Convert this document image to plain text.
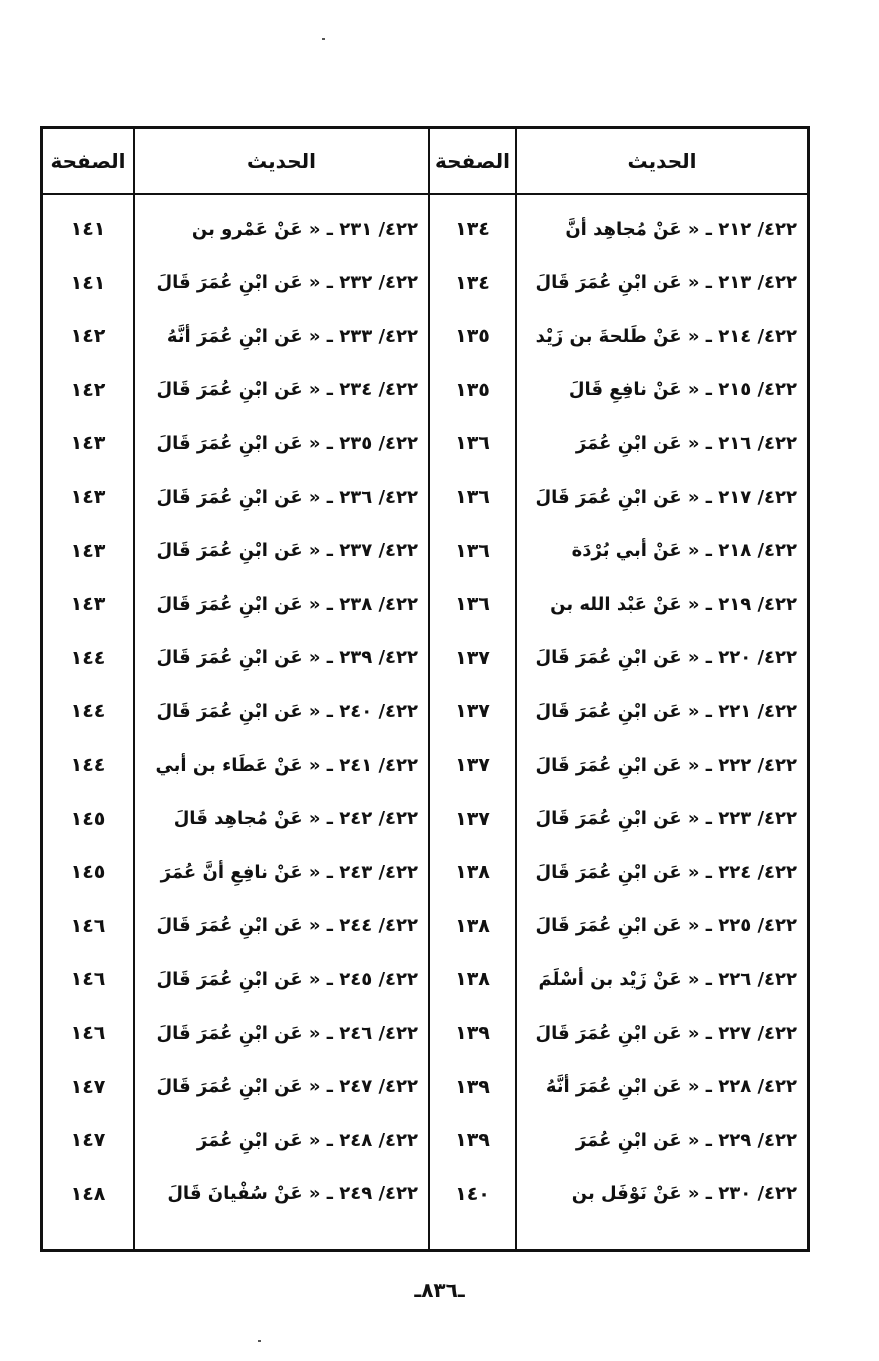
الحديث
الصفحة
الحديث
الصفحة
٤٢٢/ ٢١٢ ـ « عَنْ مُجاهِد أنَّ
١٣٤
٤٢٢/ ٢١٣ ـ « عَن ابْنِ عُمَرَ قَالَ
١٣٤
٤٢٢/ ٢١٤ ـ « عَنْ طَلحةَ بن زَيْد
١٣٥
٤٢٢/ ٢١٥ ـ « عَنْ نافِعِ قَالَ
١٣٥
٤٢٢/ ٢١٦ ـ « عَن ابْنِ عُمَرَ
١٣٦
٤٢٢/ ٢١٧ ـ « عَن ابْنِ عُمَرَ قَالَ
١٣٦
٤٢٢/ ٢١٨ ـ « عَنْ أبي بُرْدَة
١٣٦
٤٢٢/ ٢١٩ ـ « عَنْ عَبْد الله بن
١٣٦
٤٢٢/ ٢٢٠ ـ « عَن ابْنِ عُمَرَ قَالَ
١٣٧
٤٢٢/ ٢٢١ ـ « عَن ابْنِ عُمَرَ قَالَ
١٣٧
٤٢٢/ ٢٢٢ ـ « عَن ابْنِ عُمَرَ قَالَ
١٣٧
٤٢٢/ ٢٢٣ ـ « عَن ابْنِ عُمَرَ قَالَ
١٣٧
٤٢٢/ ٢٢٤ ـ « عَن ابْنِ عُمَرَ قَالَ
١٣٨
٤٢٢/ ٢٢٥ ـ « عَن ابْنِ عُمَرَ قَالَ
١٣٨
٤٢٢/ ٢٢٦ ـ « عَنْ زَيْد بن أسْلَمَ
١٣٨
٤٢٢/ ٢٢٧ ـ « عَن ابْنِ عُمَرَ قَالَ
١٣٩
٤٢٢/ ٢٢٨ ـ « عَن ابْنِ عُمَرَ أنَّهُ
١٣٩
٤٢٢/ ٢٢٩ ـ « عَن ابْنِ عُمَرَ
١٣٩
٤٢٢/ ٢٣٠ ـ « عَنْ نَوْفَل بن
١٤٠
٤٢٢/ ٢٣١ ـ « عَنْ عَمْرو بن
١٤١
٤٢٢/ ٢٣٢ ـ « عَن ابْنِ عُمَرَ قَالَ
١٤١
٤٢٢/ ٢٣٣ ـ « عَن ابْنِ عُمَرَ أنَّهُ
١٤٢
٤٢٢/ ٢٣٤ ـ « عَن ابْنِ عُمَرَ قَالَ
١٤٢
٤٢٢/ ٢٣٥ ـ « عَن ابْنِ عُمَرَ قَالَ
١٤٣
٤٢٢/ ٢٣٦ ـ « عَن ابْنِ عُمَرَ قَالَ
١٤٣
٤٢٢/ ٢٣٧ ـ « عَن ابْنِ عُمَرَ قَالَ
١٤٣
٤٢٢/ ٢٣٨ ـ « عَن ابْنِ عُمَرَ قَالَ
١٤٣
٤٢٢/ ٢٣٩ ـ « عَن ابْنِ عُمَرَ قَالَ
١٤٤
٤٢٢/ ٢٤٠ ـ « عَن ابْنِ عُمَرَ قَالَ
١٤٤
٤٢٢/ ٢٤١ ـ « عَنْ عَطَاء بن أبي
١٤٤
٤٢٢/ ٢٤٢ ـ « عَنْ مُجاهِد قَالَ
١٤٥
٤٢٢/ ٢٤٣ ـ « عَنْ نافِعِ أنَّ عُمَرَ
١٤٥
٤٢٢/ ٢٤٤ ـ « عَن ابْنِ عُمَرَ قَالَ
١٤٦
٤٢٢/ ٢٤٥ ـ « عَن ابْنِ عُمَرَ قَالَ
١٤٦
٤٢٢/ ٢٤٦ ـ « عَن ابْنِ عُمَرَ قَالَ
١٤٦
٤٢٢/ ٢٤٧ ـ « عَن ابْنِ عُمَرَ قَالَ
١٤٧
٤٢٢/ ٢٤٨ ـ « عَن ابْنِ عُمَرَ
١٤٧
٤٢٢/ ٢٤٩ ـ « عَنْ سُفْيانَ قَالَ
١٤٨
ـ٨٣٦ـ
